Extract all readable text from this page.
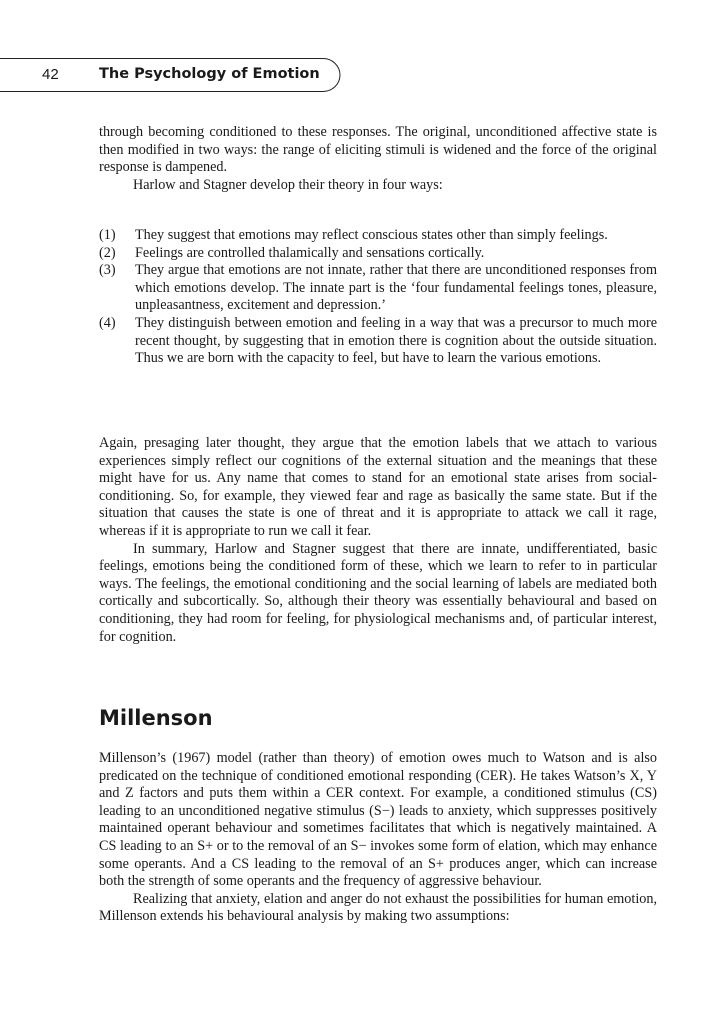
42	The Psychology of Emotion

through becoming conditioned to these responses. The original, unconditioned affective state is then modified in two ways: the range of eliciting stimuli is widened and the force of the original response is dampened.

Harlow and Stagner develop their theory in four ways:

(1) They suggest that emotions may reflect conscious states other than simply feelings.
(2) Feelings are controlled thalamically and sensations cortically.
(3) They argue that emotions are not innate, rather that there are unconditioned responses from which emotions develop. The innate part is the ‘four fundamental feelings tones, pleasure, unpleasantness, excitement and depression.’
(4) They distinguish between emotion and feeling in a way that was a precursor to much more recent thought, by suggesting that in emotion there is cognition about the outside situation. Thus we are born with the capacity to feel, but have to learn the various emotions.

Again, presaging later thought, they argue that the emotion labels that we attach to various experiences simply reflect our cognitions of the external situation and the meanings that these might have for us. Any name that comes to stand for an emotional state arises from social-conditioning. So, for example, they viewed fear and rage as basically the same state. But if the situation that causes the state is one of threat and it is appropriate to attack we call it rage, whereas if it is appropriate to run we call it fear.

In summary, Harlow and Stagner suggest that there are innate, undifferentiated, basic feelings, emotions being the conditioned form of these, which we learn to refer to in particular ways. The feelings, the emotional conditioning and the social learning of labels are mediated both cortically and subcortically. So, although their theory was essentially behavioural and based on conditioning, they had room for feeling, for physiological mechanisms and, of particular interest, for cognition.

Millenson

Millenson’s (1967) model (rather than theory) of emotion owes much to Watson and is also predicated on the technique of conditioned emotional responding (CER). He takes Watson’s X, Y and Z factors and puts them within a CER context. For example, a conditioned stimulus (CS) leading to an unconditioned negative stimulus (S−) leads to anxiety, which suppresses positively maintained operant behaviour and sometimes facilitates that which is negatively maintained. A CS leading to an S+ or to the removal of an S− invokes some form of elation, which may enhance some operants. And a CS leading to the removal of an S+ produces anger, which can increase both the strength of some operants and the frequency of aggressive behaviour.

Realizing that anxiety, elation and anger do not exhaust the possibilities for human emotion, Millenson extends his behavioural analysis by making two assumptions:
